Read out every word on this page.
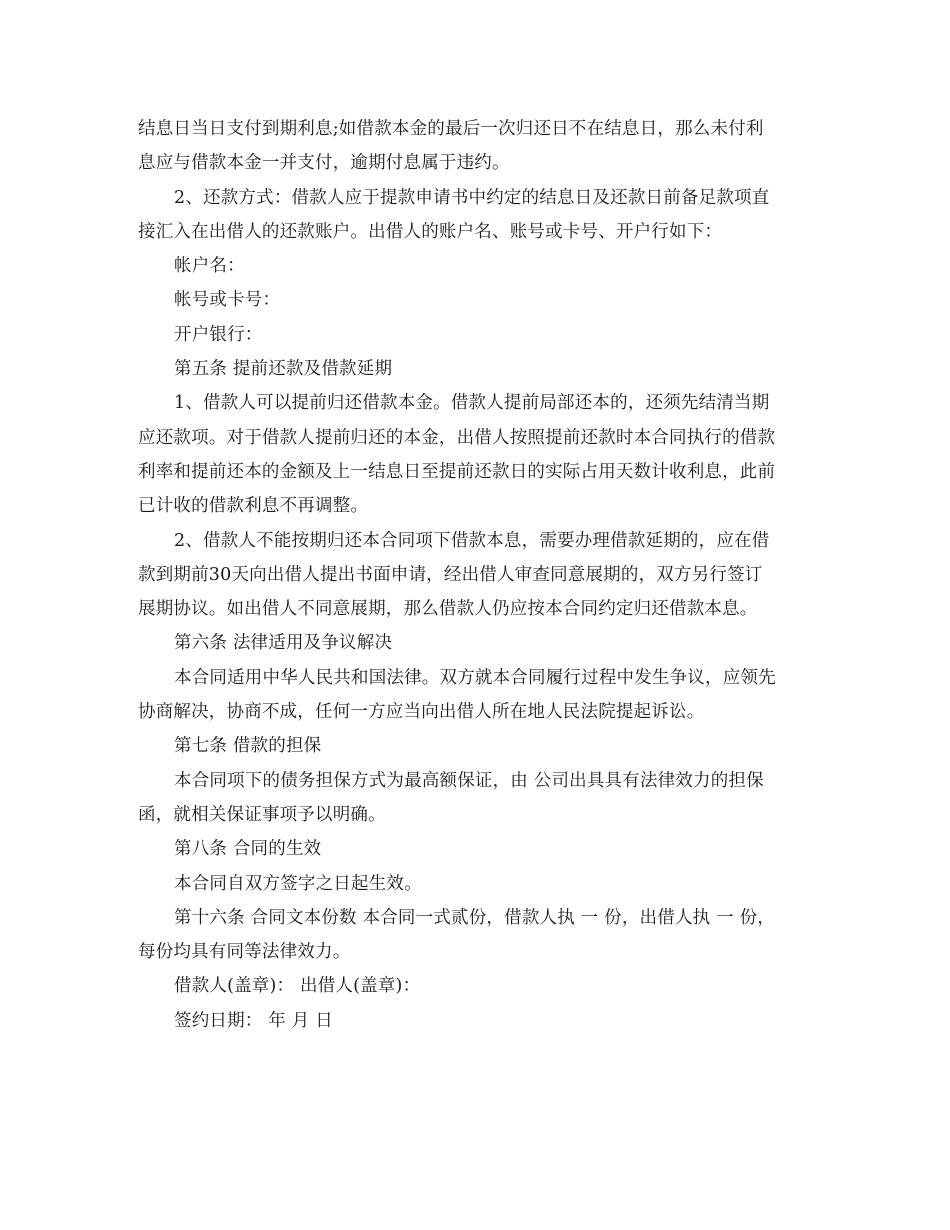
结息日当日支付到期利息;如借款本金的最后一次归还日不在结息日，那么未付利
息应与借款本金一并支付，逾期付息属于违约。
2、还款方式：借款人应于提款申请书中约定的结息日及还款日前备足款项直
接汇入在出借人的还款账户。出借人的账户名、账号或卡号、开户行如下：
帐户名：
帐号或卡号：
开户银行：
第五条 提前还款及借款延期
1、借款人可以提前归还借款本金。借款人提前局部还本的，还须先结清当期
应还款项。对于借款人提前归还的本金，出借人按照提前还款时本合同执行的借款
利率和提前还本的金额及上一结息日至提前还款日的实际占用天数计收利息，此前
已计收的借款利息不再调整。
2、借款人不能按期归还本合同项下借款本息，需要办理借款延期的，应在借
款到期前30天向出借人提出书面申请，经出借人审查同意展期的，双方另行签订
展期协议。如出借人不同意展期，那么借款人仍应按本合同约定归还借款本息。
第六条 法律适用及争议解决
本合同适用中华人民共和国法律。双方就本合同履行过程中发生争议，应领先
协商解决，协商不成，任何一方应当向出借人所在地人民法院提起诉讼。
第七条 借款的担保
本合同项下的债务担保方式为最高额保证，由 公司出具具有法律效力的担保
函，就相关保证事项予以明确。
第八条 合同的生效
本合同自双方签字之日起生效。
第十六条 合同文本份数 本合同一式贰份，借款人执 一 份，出借人执 一 份，
每份均具有同等法律效力。
借款人(盖章)： 出借人(盖章)：
签约日期： 年 月 日
